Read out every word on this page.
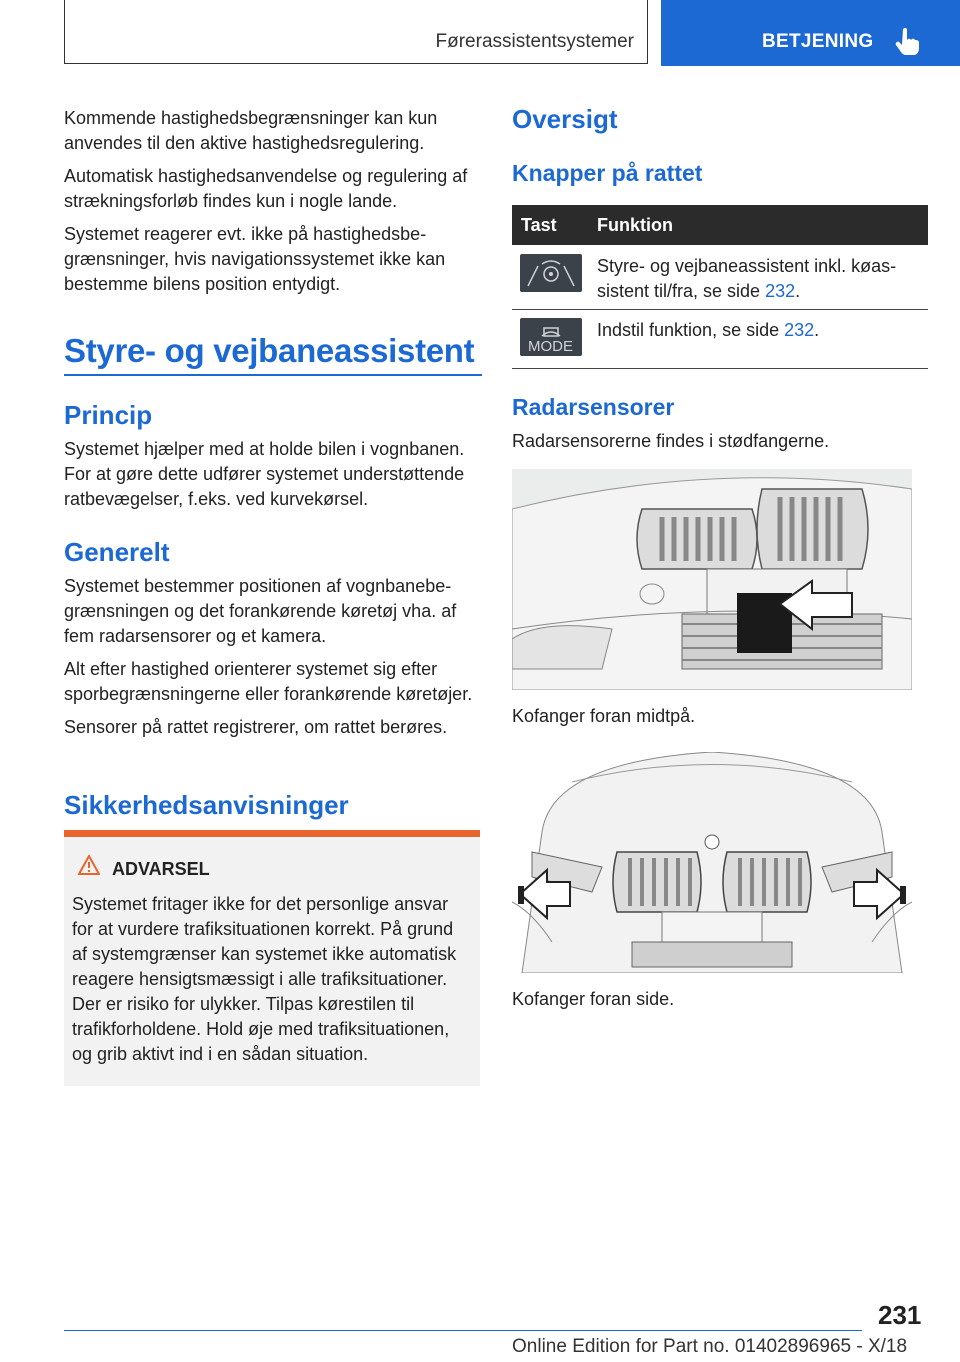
Førerassistentsystemer	BETJENING

Kommende hastighedsbegrænsninger kan kun anvendes til den aktive hastighedsregulering.

Automatisk hastighedsanvendelse og regulering af strækningsforløb findes kun i nogle lande.

Systemet reagerer evt. ikke på hastighedsbegrænsninger, hvis navigationssystemet ikke kan bestemme bilens position entydigt.

Styre- og vejbaneassistent
Princip

Systemet hjælper med at holde bilen i vognbanen. For at gøre dette udfører systemet understøttende ratbevægelser, f.eks. ved kurvekørsel.

Generelt

Systemet bestemmer positionen af vognbanebegrænsningen og det forankørende køretøj vha. af fem radarsensorer og et kamera.

Alt efter hastighed orienterer systemet sig efter sporbegrænsningerne eller forankørende køretøjer.

Sensorer på rattet registrerer, om rattet berøres.

Sikkerhedsanvisninger
ADVARSEL

Systemet fritager ikke for det personlige ansvar for at vurdere trafiksituationen korrekt. På grund af systemgrænser kan systemet ikke automatisk reagere hensigtsmæssigt i alle trafiksituationer. Der er risiko for ulykker. Tilpas kørestilen til trafikforholdene. Hold øje med trafiksituationen, og grib aktivt ind i en sådan situation.

Oversigt
Knapper på rattet
Tast Funktion

Styre- og vejbaneassistent inkl. køassistent til/fra, se side 232.

MODE

Indstil funktion, se side 232.

Radarsensorer

Radarsensorerne findes i stødfangerne.

Kofanger foran midtpå.

Kofanger foran side.

231
Online Edition for Part no. 01402896965 - X/18
